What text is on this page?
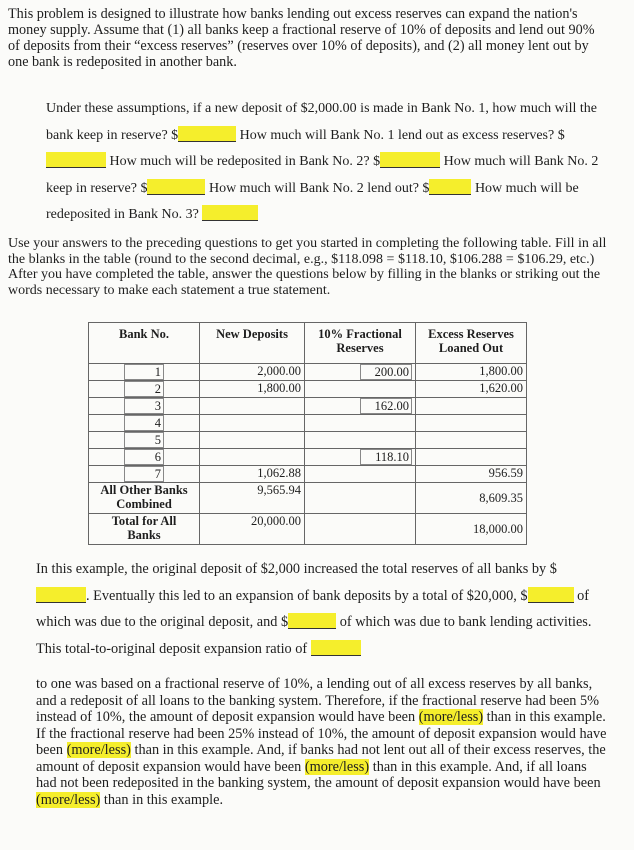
This problem is designed to illustrate how banks lending out excess reserves can expand the nation's money supply. Assume that (1) all banks keep a fractional reserve of 10% of deposits and lend out 90% of deposits from their “excess reserves” (reserves over 10% of deposits), and (2) all money lent out by one bank is redeposited in another bank.
Under these assumptions, if a new deposit of $2,000.00 is made in Bank No. 1, how much will the bank keep in reserve? $	How much will Bank No. 1 lend out as excess reserves? $ How much will be redeposited in Bank No. 2? $	How much will Bank No. 2 keep in reserve? $	How much will Bank No. 2 lend out? $	How much will be redeposited in Bank No. 3?
Use your answers to the preceding questions to get you started in completing the following table. Fill in all the blanks in the table (round to the second decimal, e.g., $118.098 = $118.10, $106.288 = $106.29, etc.) After you have completed the table, answer the questions below by filling in the blanks or striking out the words necessary to make each statement a true statement.
Bank No.	New Deposits	10% Fractional Reserves	Excess Reserves Loaned Out
1	2,000.00	200.00	1,800.00
2	1,800.00		1,620.00
3		162.00	
4			
5			
6		118.10	
7	1,062.88		956.59

All Other Banks
Combined	9,565.94		8,609.35

Total for All
Banks	20,000.00		18,000.00
In this example, the original deposit of $2,000 increased the total reserves of all banks by $. Eventually this led to an expansion of bank deposits by a total of $20,000, $	of which was due to the original deposit, and $	of which was due to bank lending activities. This total-to-original deposit expansion ratio of
to one was based on a fractional reserve of 10%, a lending out of all excess reserves by all banks, and a redeposit of all loans to the banking system. Therefore, if the fractional reserve had been 5% instead of 10%, the amount of deposit expansion would have been (more/less) than in this example. If the fractional reserve had been 25% instead of 10%, the amount of deposit expansion would have been (more/less) than in this example. And, if banks had not lent out all of their excess reserves, the amount of deposit expansion would have been (more/less) than in this example. And, if all loans had not been redeposited in the banking system, the amount of deposit expansion would have been (more/less) than in this example.
